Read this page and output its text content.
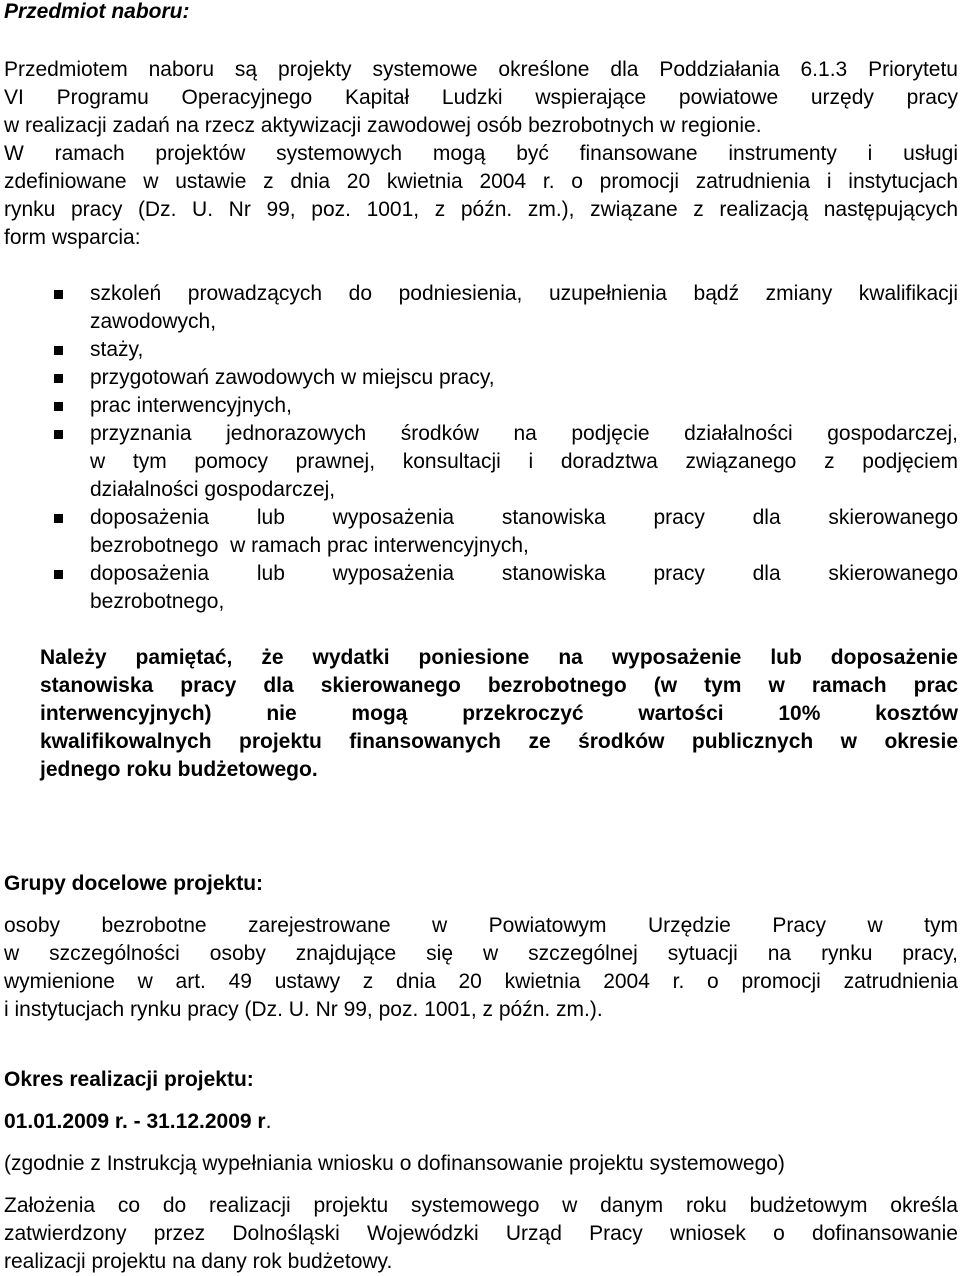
Przedmiot naboru:
Przedmiotem naboru są projekty systemowe określone dla Poddziałania 6.1.3 Priorytetu
VI Programu Operacyjnego Kapitał Ludzki wspierające powiatowe urzędy pracy
w realizacji zadań na rzecz aktywizacji zawodowej osób bezrobotnych w regionie.
W ramach projektów systemowych mogą być finansowane instrumenty i usługi
zdefiniowane w ustawie z dnia 20 kwietnia 2004 r. o promocji zatrudnienia i instytucjach
rynku pracy (Dz. U. Nr 99, poz. 1001, z późn. zm.), związane z realizacją następujących
form wsparcia:
szkoleń prowadzących do podniesienia, uzupełnienia bądź zmiany kwalifikacji
zawodowych,
staży,
przygotowań zawodowych w miejscu pracy,
prac interwencyjnych,
przyznania jednorazowych środków na podjęcie działalności gospodarczej,
w tym pomocy prawnej, konsultacji i doradztwa związanego z podjęciem
działalności gospodarczej,
doposażenia lub wyposażenia stanowiska pracy dla skierowanego
bezrobotnego  w ramach prac interwencyjnych,
doposażenia lub wyposażenia stanowiska pracy dla skierowanego
bezrobotnego,
Należy pamiętać, że wydatki poniesione na wyposażenie lub doposażenie
stanowiska pracy dla skierowanego bezrobotnego (w tym w ramach prac
interwencyjnych) nie mogą przekroczyć wartości 10% kosztów
kwalifikowalnych projektu finansowanych ze środków publicznych w okresie
jednego roku budżetowego.
Grupy docelowe projektu:
osoby bezrobotne zarejestrowane w Powiatowym Urzędzie Pracy w tym
w szczególności osoby znajdujące się w szczególnej sytuacji na rynku pracy,
wymienione w art. 49 ustawy z dnia 20 kwietnia 2004 r. o promocji zatrudnienia
i instytucjach rynku pracy (Dz. U. Nr 99, poz. 1001, z późn. zm.).
Okres realizacji projektu:
01.01.2009 r. - 31.12.2009 r.
(zgodnie z Instrukcją wypełniania wniosku o dofinansowanie projektu systemowego)
Założenia co do realizacji projektu systemowego w danym roku budżetowym określa
zatwierdzony przez Dolnośląski Wojewódzki Urząd Pracy wniosek o dofinansowanie
realizacji projektu na dany rok budżetowy.
